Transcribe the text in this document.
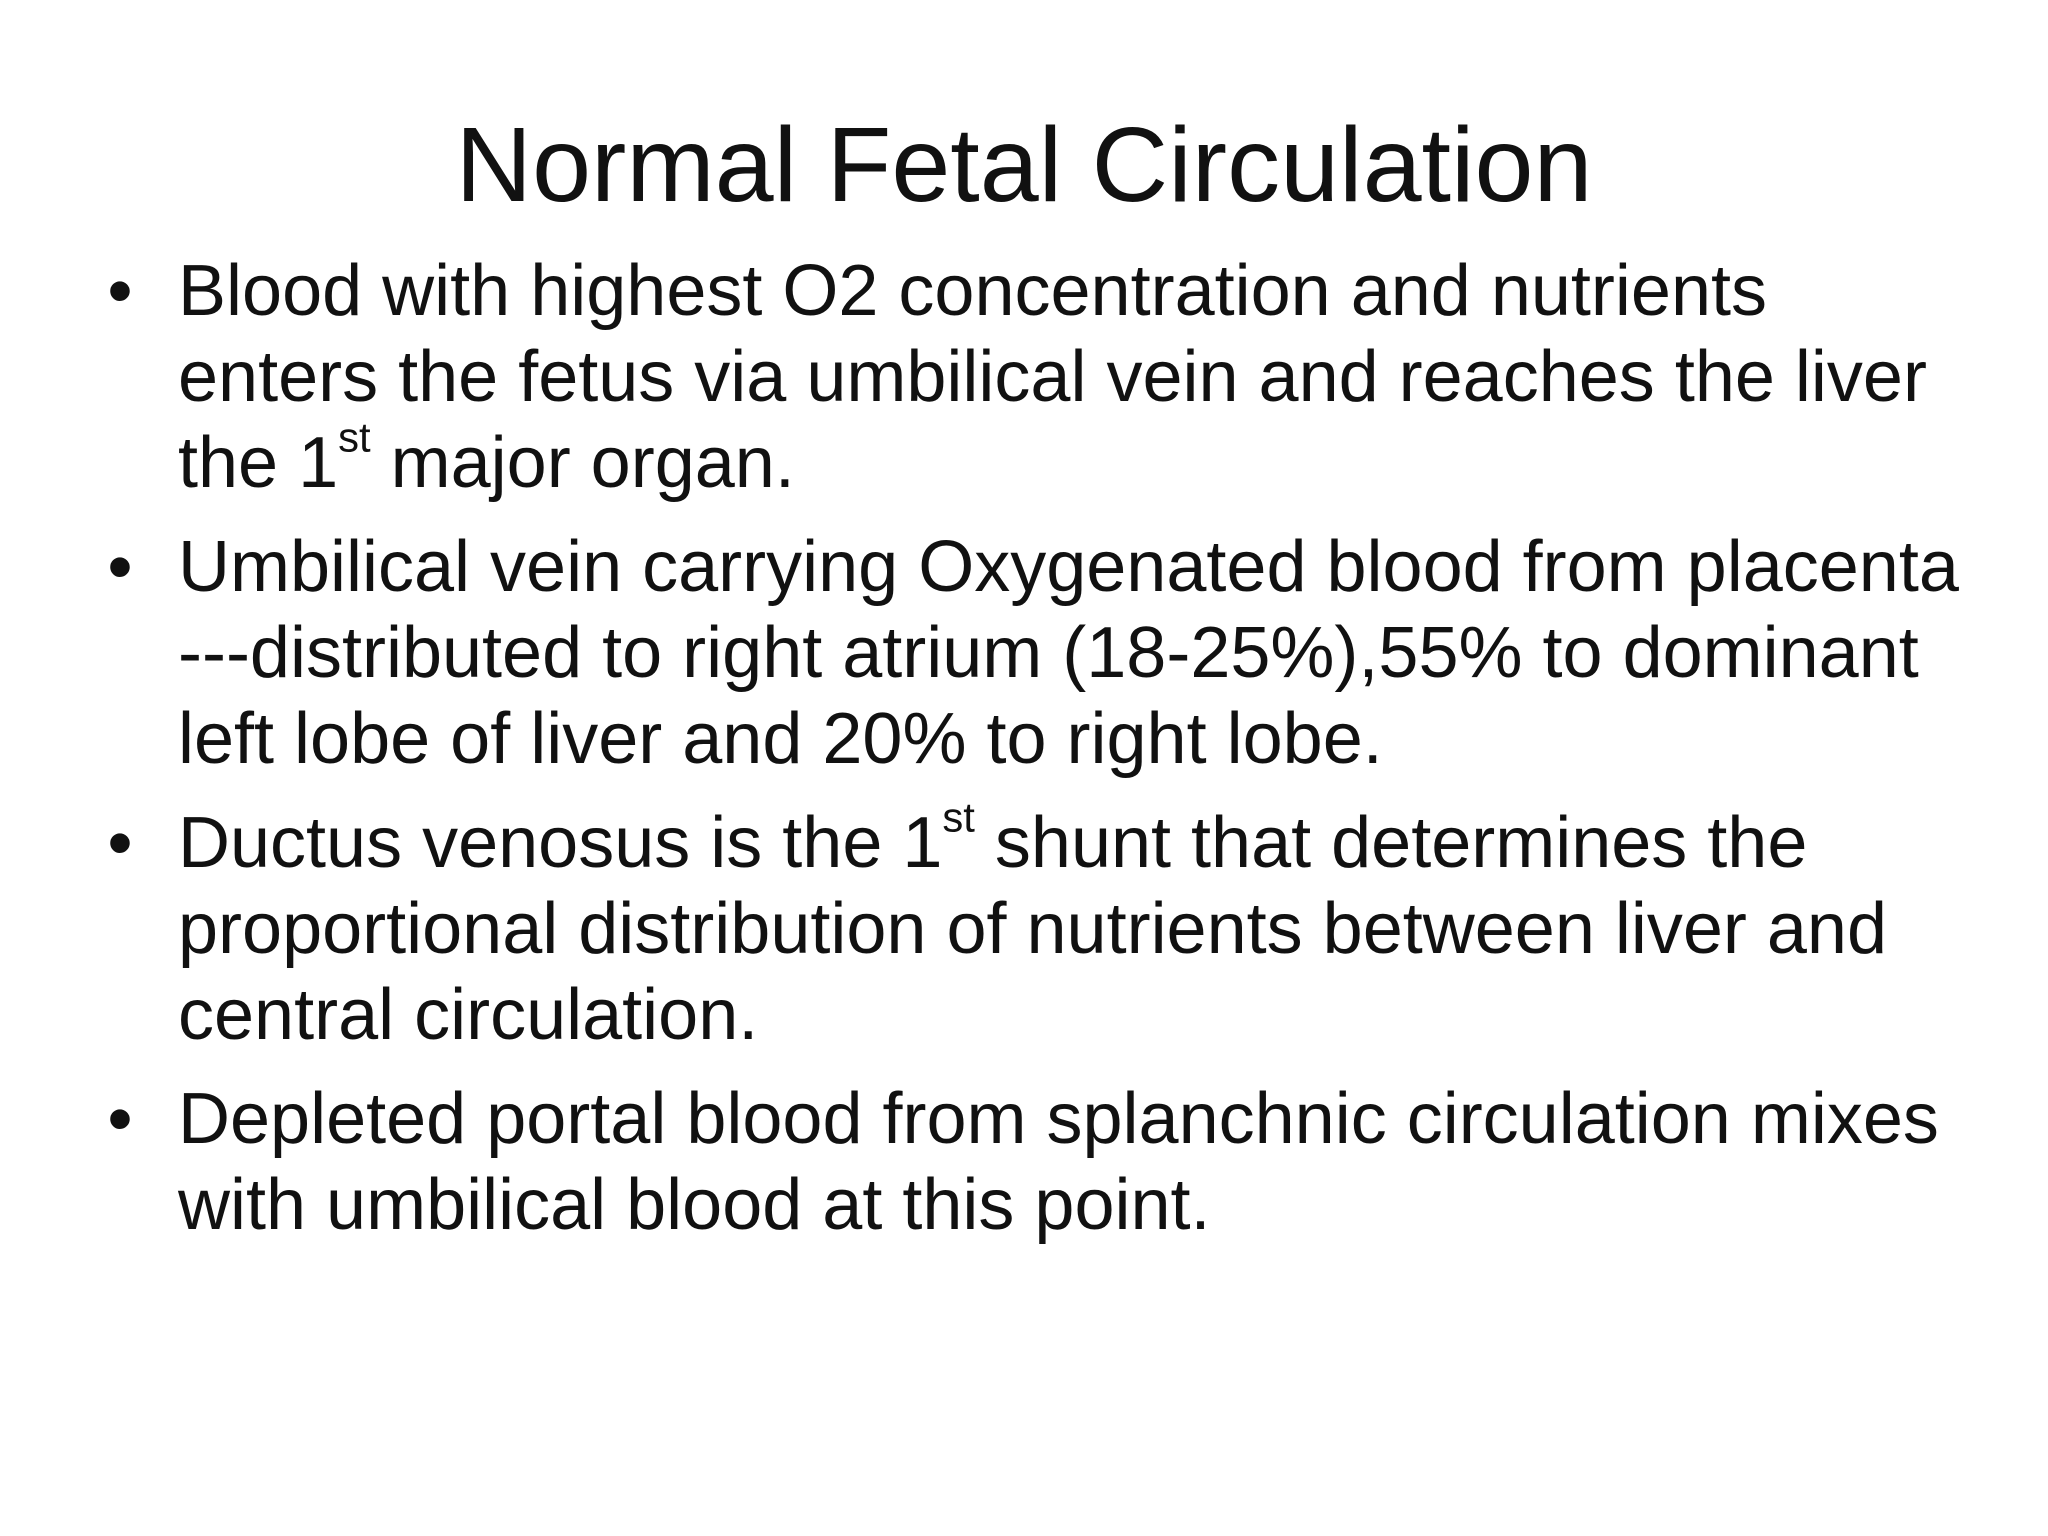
Normal Fetal Circulation
• Blood with highest O2 concentration and nutrients enters the fetus via umbilical vein and reaches the liver the 1st major organ.
• Umbilical vein carrying Oxygenated blood from placenta ---distributed to right atrium (18-25%),55% to dominant left lobe of liver and 20% to right lobe.
• Ductus venosus is the 1st shunt that determines the proportional distribution of nutrients between liver and central circulation.
• Depleted portal blood from splanchnic circulation mixes with umbilical blood at this point.
